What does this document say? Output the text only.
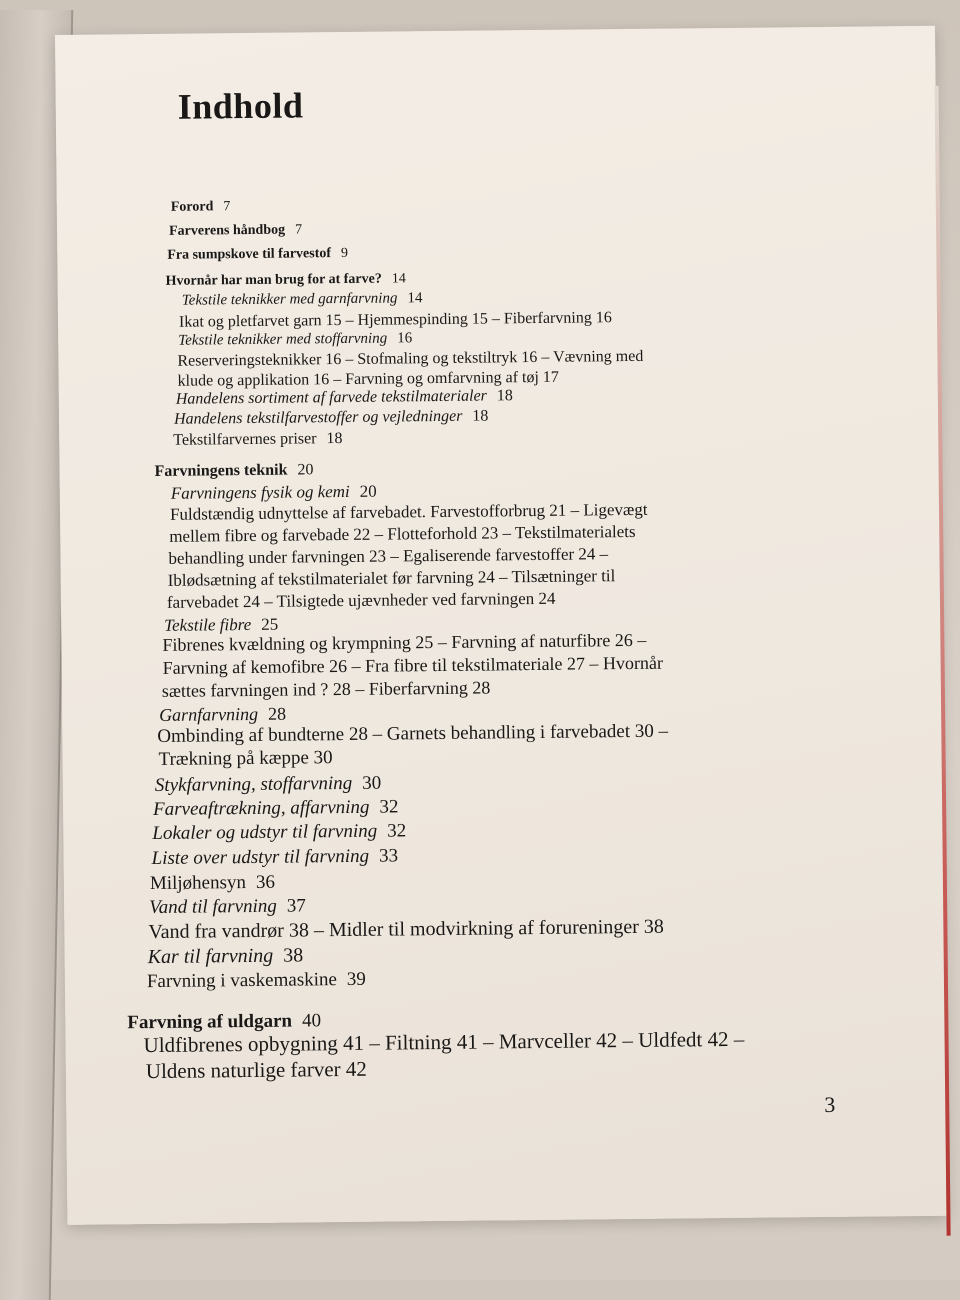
Indhold
Forord 7
Farverens håndbog 7
Fra sumpskove til farvestof 9
Hvornår har man brug for at farve? 14
Tekstile teknikker med garnfarvning 14
Ikat og pletfarvet garn 15 – Hjemmespinding 15 – Fiberfarvning 16
Tekstile teknikker med stoffarvning 16
Reserveringsteknikker 16 – Stofmaling og tekstiltryk 16 – Vævning med
klude og applikation 16 – Farvning og omfarvning af tøj 17
Handelens sortiment af farvede tekstilmaterialer 18
Handelens tekstilfarvestoffer og vejledninger 18
Tekstilfarvernes priser 18
Farvningens teknik 20
Farvningens fysik og kemi 20
Fuldstændig udnyttelse af farvebadet. Farvestofforbrug 21 – Ligevægt
mellem fibre og farvebade 22 – Flotteforhold 23 – Tekstilmaterialets
behandling under farvningen 23 – Egaliserende farvestoffer 24 –
Iblødsætning af tekstilmaterialet før farvning 24 – Tilsætninger til
farvebadet 24 – Tilsigtede ujævnheder ved farvningen 24
Tekstile fibre 25
Fibrenes kvældning og krympning 25 – Farvning af naturfibre 26 –
Farvning af kemofibre 26 – Fra fibre til tekstilmateriale 27 – Hvornår
sættes farvningen ind ? 28 – Fiberfarvning 28
Garnfarvning 28
Ombinding af bundterne 28 – Garnets behandling i farvebadet 30 –
Trækning på kæppe 30
Stykfarvning, stoffarvning 30
Farveaftrækning, affarvning 32
Lokaler og udstyr til farvning 32
Liste over udstyr til farvning 33
Miljøhensyn 36
Vand til farvning 37
Vand fra vandrør 38 – Midler til modvirkning af forureninger 38
Kar til farvning 38
Farvning i vaskemaskine 39
Farvning af uldgarn 40
Uldfibrenes opbygning 41 – Filtning 41 – Marvceller 42 – Uldfedt 42 –
Uldens naturlige farver 42
3
